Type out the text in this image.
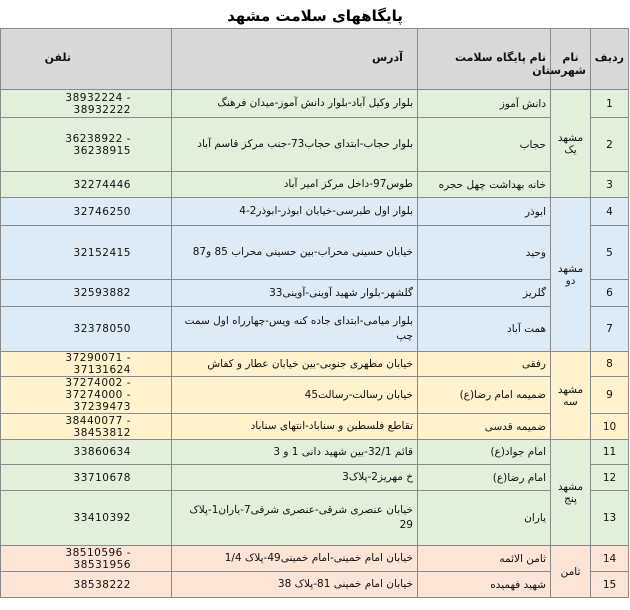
پایگاههای سلامت مشهد
ردیف	نام شهرستان	نام پایگاه سلامت	آدرس	تلفن
1	مشهد یک	دانش آموز	بلوار وکیل آباد-بلوار دانش آموز-میدان فرهنگ	38932224 - 38932222
2		حجاب	بلوار حجاب-ابتدای حجاب73-جنب مرکز قاسم آباد	36238922 - 36238915
3		خانه بهداشت چهل حجره	طوس97-داخل مرکز امیر آباد	32274446
4	مشهد دو	ابوذر	بلوار اول طبرسی-خیابان ابوذر-ابوذر2-4	32746250
5		وحید	خیابان حسینی محراب-بین حسینی محراب 85 و87	32152415
6		گلریز	گلشهر-بلوار شهید آوینی-آوینی33	32593882
7		همت آباد	بلوار میامی-ابتدای جاده کنه ویس-چهارراه اول سمت چپ	32378050
8	مشهد سه	رفقی	خیابان مطهری جنوبی-بین خیابان عطار و کفاش	37290071 - 37131624
9		ضمیمه امام رضا(ع)	خیابان رسالت-رسالت45	37274002 - 37274000 - 37239473
10		ضمیمه قدسی	تقاطع فلسطین و سناباد-انتهای سناباد	38440077 - 38453812
11	مشهد پنج	امام جواد(ع)	قائم 32/1-بین شهید دانی 1 و 3	33860634
12		امام رضا(ع)	خ مهریز2-پلاک3	33710678
13		یاران	خیابان عنصری شرقی-عنصری شرقی7-یاران1-پلاک 29	33410392
14	ثامن	ثامن الائمه	خیابان امام خمینی-امام خمینی49-پلاک 1/4	38510596 - 38531956
15		شهید فهمیده	خیابان امام خمینی 81-پلاک 38	38538222
